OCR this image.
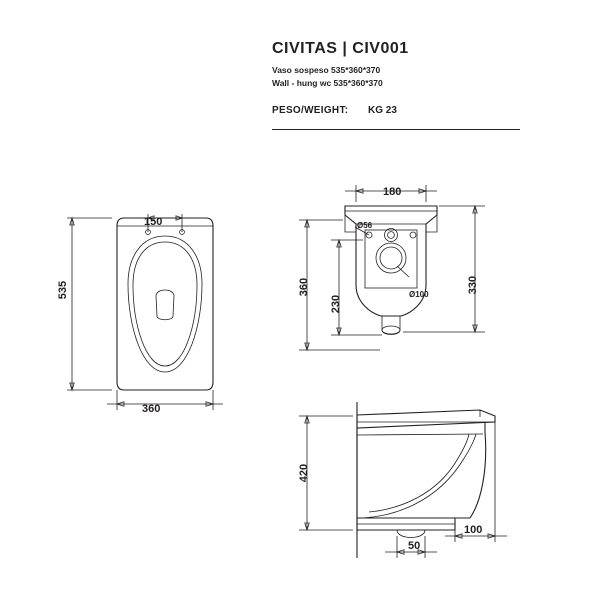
CIVITAS | CIV001
Vaso sospeso 535*360*370
Wall - hung wc 535*360*370
PESO/WEIGHT: KG 23
535
360
150
180
360
230
330
Ø56
Ø100
420
100
50
